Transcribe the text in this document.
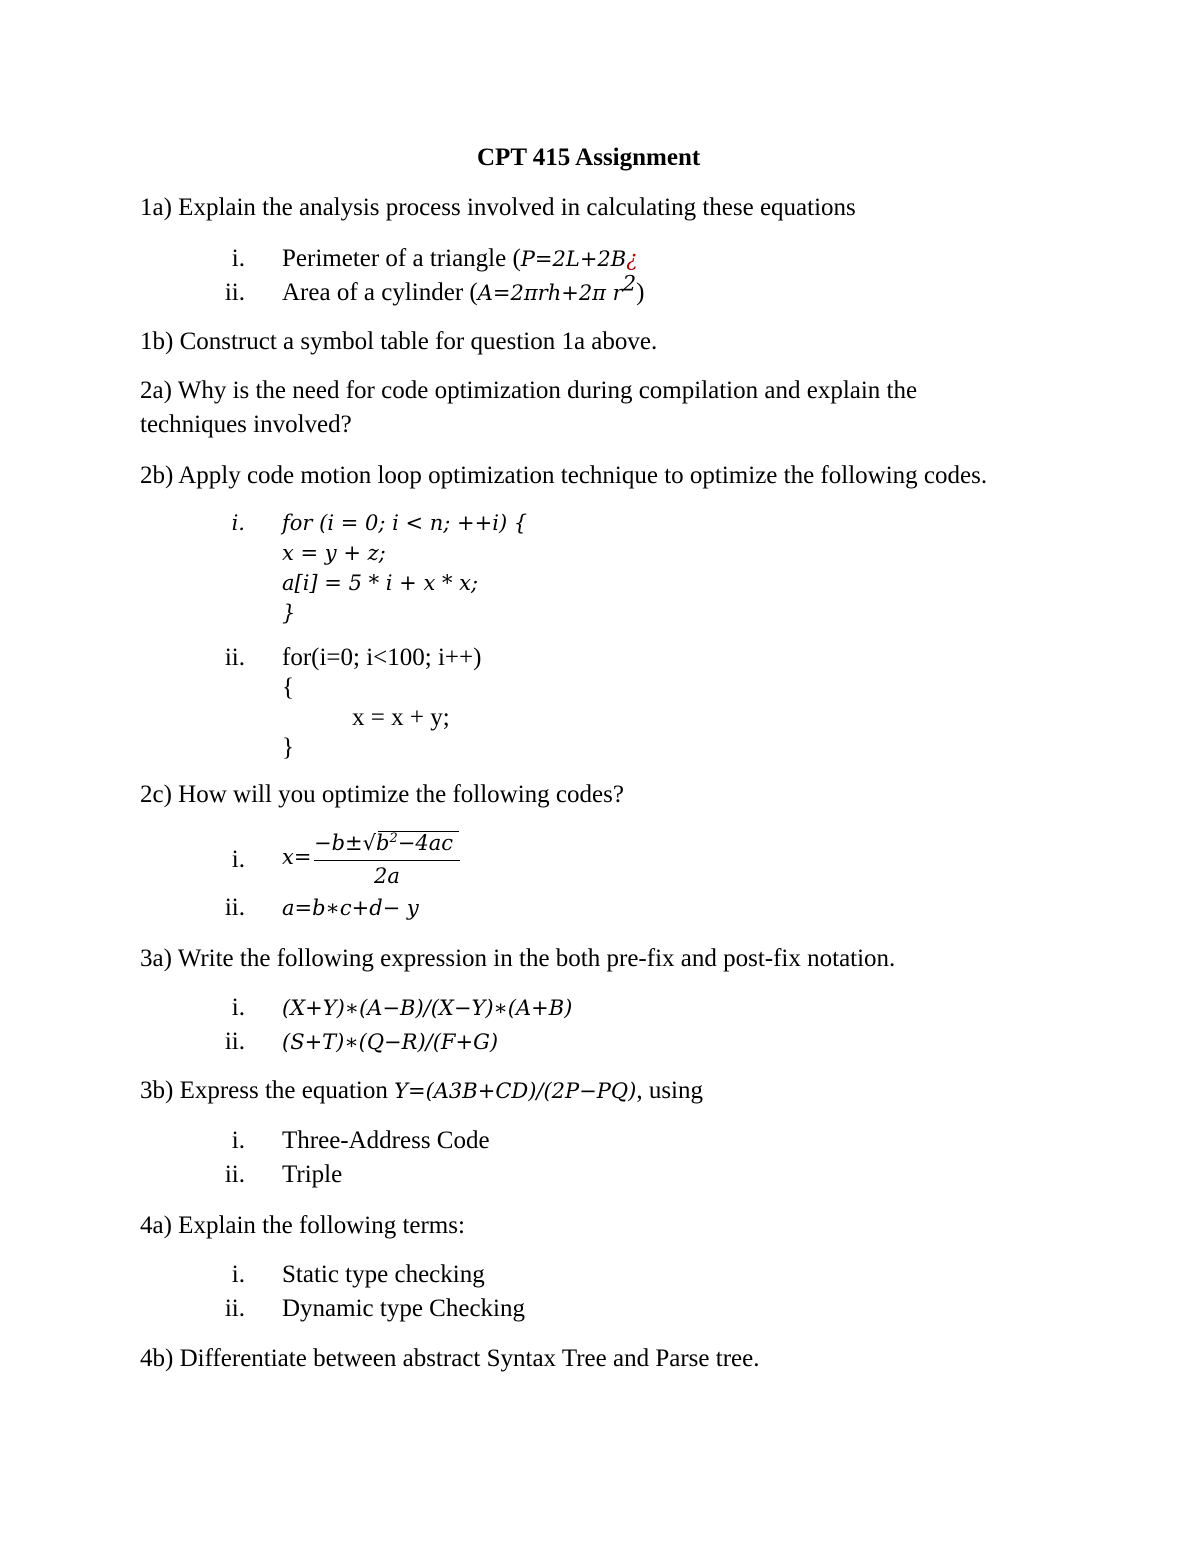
CPT 415 Assignment
1a) Explain the analysis process involved in calculating these equations
i. Perimeter of a triangle (P=2L+2B¿
ii. Area of a cylinder (A=2πrh+2π $r^2$)
1b) Construct a symbol table for question 1a above.
2a) Why is the need for code optimization during compilation and explain the
techniques involved?
2b) Apply code motion loop optimization technique to optimize the following codes.
i. for (i = 0; i < n; ++i) {
x = y + z;
a[i] = 5 * i + x * x;
}
ii. for(i=0; i<100; i++)
{
x = x + y;
}
2c) How will you optimize the following codes?
i. x=
$-b\pm√b^2-4ac$
2a
ii. a=b∗c+d− y
3a) Write the following expression in the both pre-fix and post-fix notation.
i. (X+Y)∗(A−B)/(X−Y)∗(A+B)
ii. (S+T)∗(Q−R)/(F+G)
3b) Express the equation Y=(A3B+CD)/(2P−PQ), using
i. Three-Address Code
ii. Triple
4a) Explain the following terms:
i. Static type checking
ii. Dynamic type Checking
4b) Differentiate between abstract Syntax Tree and Parse tree.
